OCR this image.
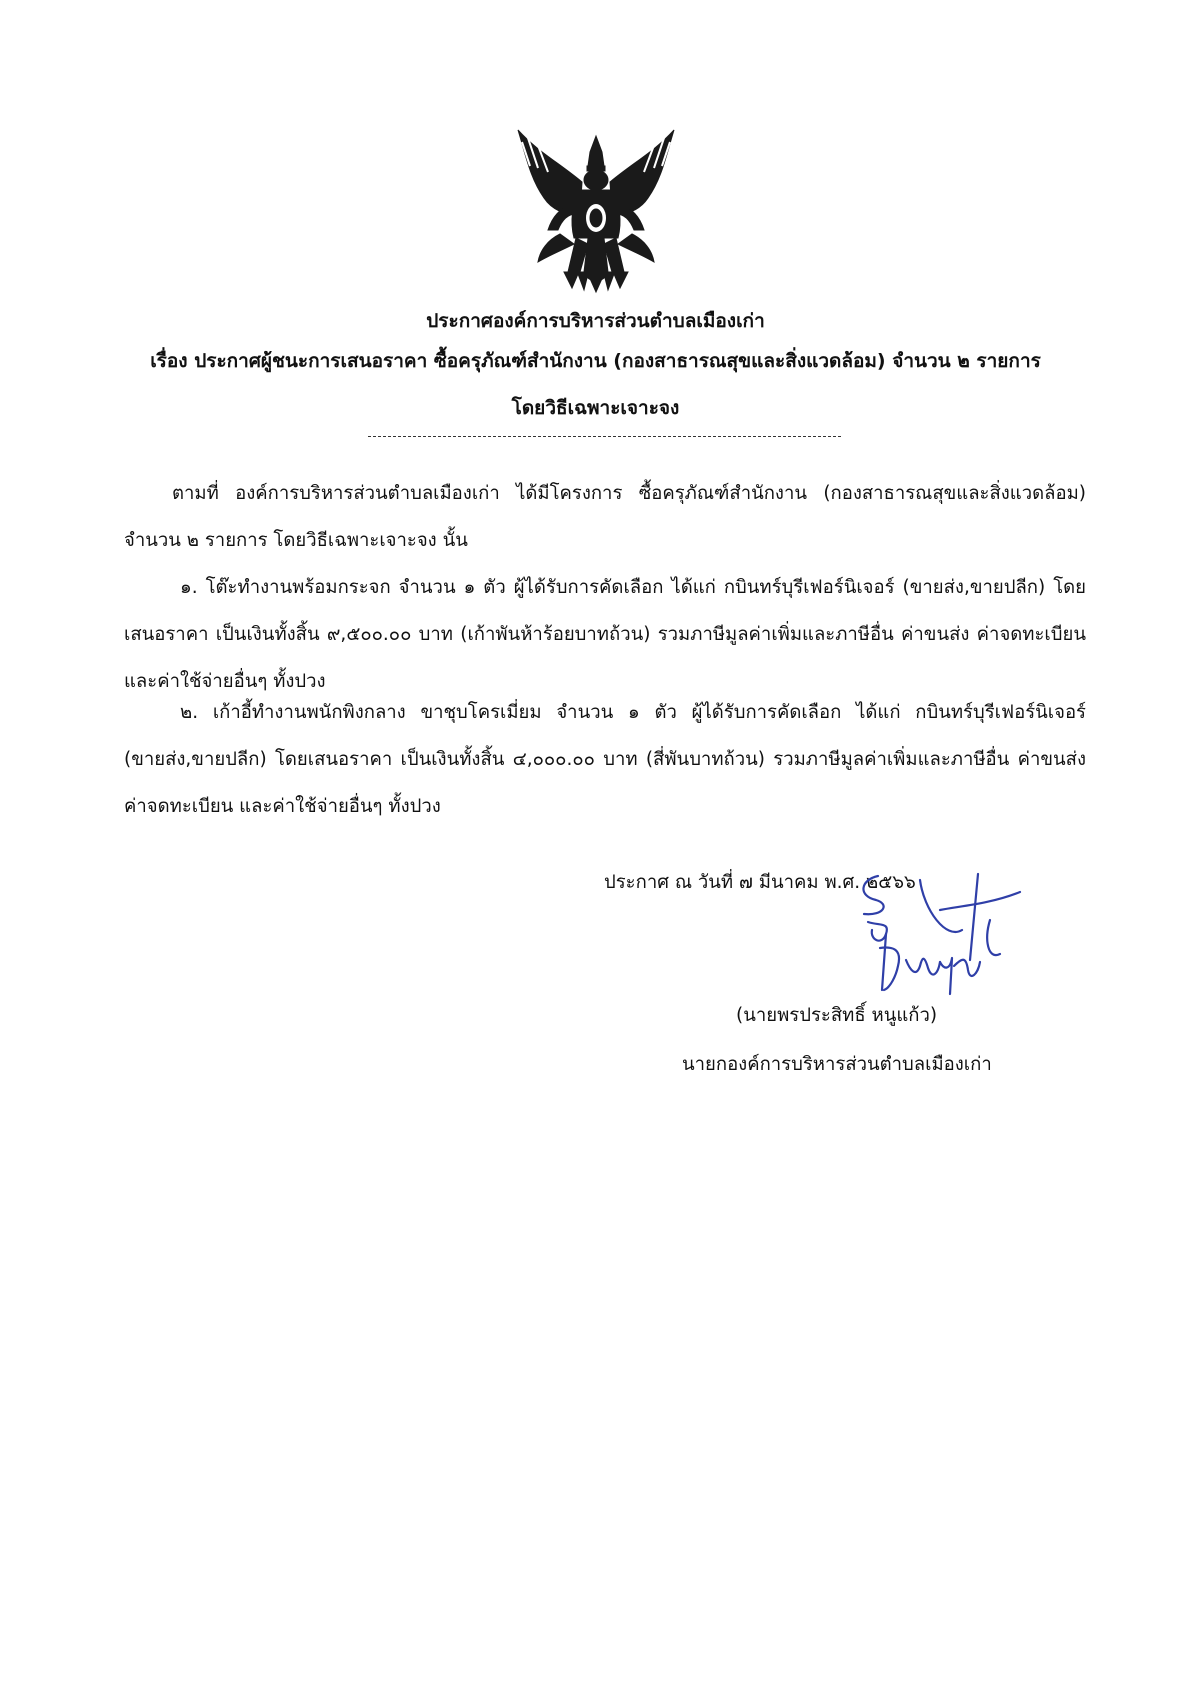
ประกาศองค์การบริหารส่วนตำบลเมืองเก่า
เรื่อง ประกาศผู้ชนะการเสนอราคา ซื้อครุภัณฑ์สำนักงาน (กองสาธารณสุขและสิ่งแวดล้อม) จำนวน ๒ รายการ
โดยวิธีเฉพาะเจาะจง
ตามที่ องค์การบริหารส่วนตำบลเมืองเก่า ได้มีโครงการ ซื้อครุภัณฑ์สำนักงาน (กองสาธารณสุขและสิ่งแวดล้อม) จำนวน ๒ รายการ โดยวิธีเฉพาะเจาะจง นั้น
๑. โต๊ะทำงานพร้อมกระจก จำนวน ๑ ตัว ผู้ได้รับการคัดเลือก ได้แก่ กบินทร์บุรีเฟอร์นิเจอร์ (ขายส่ง,ขายปลีก) โดยเสนอราคา เป็นเงินทั้งสิ้น ๙,๕๐๐.๐๐ บาท (เก้าพันห้าร้อยบาทถ้วน) รวมภาษีมูลค่าเพิ่มและภาษีอื่น ค่าขนส่ง ค่าจดทะเบียน และค่าใช้จ่ายอื่นๆ ทั้งปวง
๒. เก้าอี้ทำงานพนักพิงกลาง ขาชุบโครเมี่ยม จำนวน ๑ ตัว ผู้ได้รับการคัดเลือก ได้แก่ กบินทร์บุรีเฟอร์นิเจอร์ (ขายส่ง,ขายปลีก) โดยเสนอราคา เป็นเงินทั้งสิ้น ๔,๐๐๐.๐๐ บาท (สี่พันบาทถ้วน) รวมภาษีมูลค่าเพิ่มและภาษีอื่น ค่าขนส่ง ค่าจดทะเบียน และค่าใช้จ่ายอื่นๆ ทั้งปวง
ประกาศ ณ วันที่ ๗ มีนาคม พ.ศ. ๒๕๖๖
(นายพรประสิทธิ์ หนูแก้ว)
นายกองค์การบริหารส่วนตำบลเมืองเก่า
